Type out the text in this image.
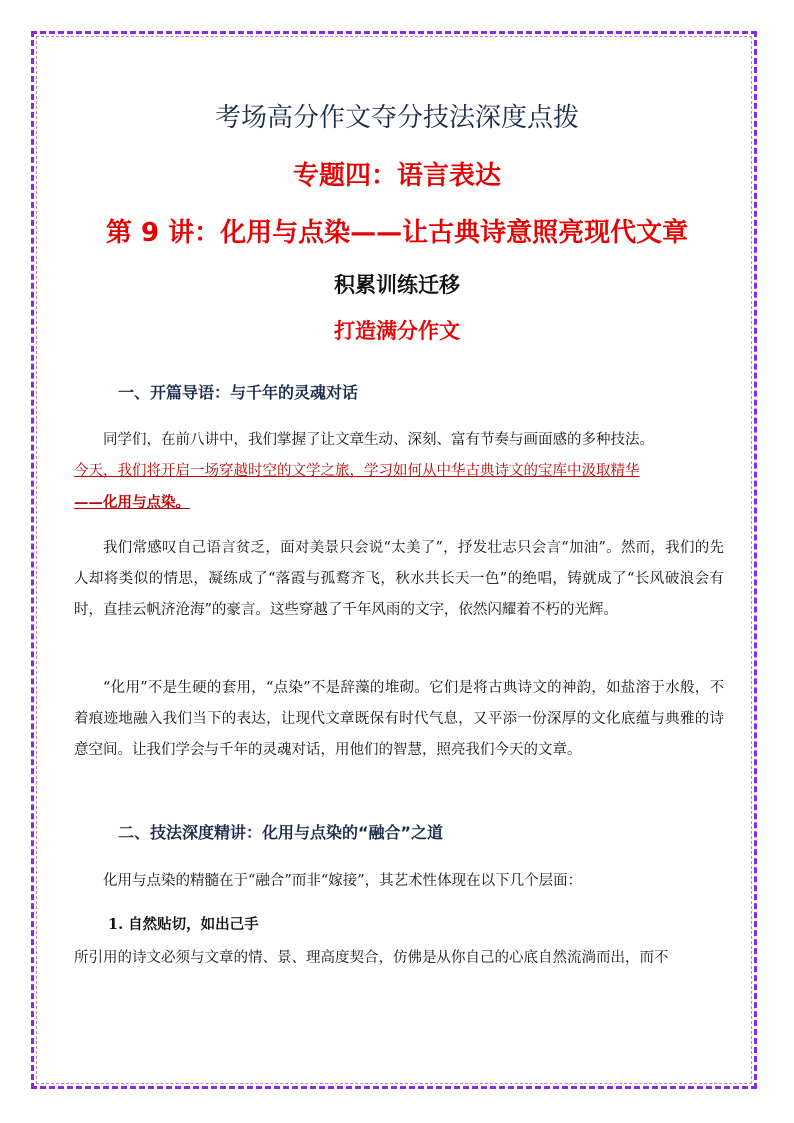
考场高分作文夺分技法深度点拨
专题四：语言表达
第 9 讲：化用与点染——让古典诗意照亮现代文章
积累训练迁移
打造满分作文
一、开篇导语：与千年的灵魂对话
同学们，在前八讲中，我们掌握了让文章生动、深刻、富有节奏与画面感的多种技法。
今天，我们将开启一场穿越时空的文学之旅，学习如何从中华古典诗文的宝库中汲取精华
——化用与点染。
我们常感叹自己语言贫乏，面对美景只会说“太美了”，抒发壮志只会言“加油”。然而，我们的先人却将类似的情思，凝练成了“落霞与孤鹜齐飞，秋水共长天一色”的绝唱，铸就成了“长风破浪会有时，直挂云帆济沧海”的豪言。这些穿越了千年风雨的文字，依然闪耀着不朽的光辉。
“化用”不是生硬的套用，“点染”不是辞藻的堆砌。它们是将古典诗文的神韵，如盐溶于水般，不着痕迹地融入我们当下的表达，让现代文章既保有时代气息，又平添一份深厚的文化底蕴与典雅的诗意空间。让我们学会与千年的灵魂对话，用他们的智慧，照亮我们今天的文章。
二、技法深度精讲：化用与点染的“融合”之道
化用与点染的精髓在于“融合”而非“嫁接”，其艺术性体现在以下几个层面：
1. 自然贴切，如出己手
所引用的诗文必须与文章的情、景、理高度契合，仿佛是从你自己的心底自然流淌而出，而不
